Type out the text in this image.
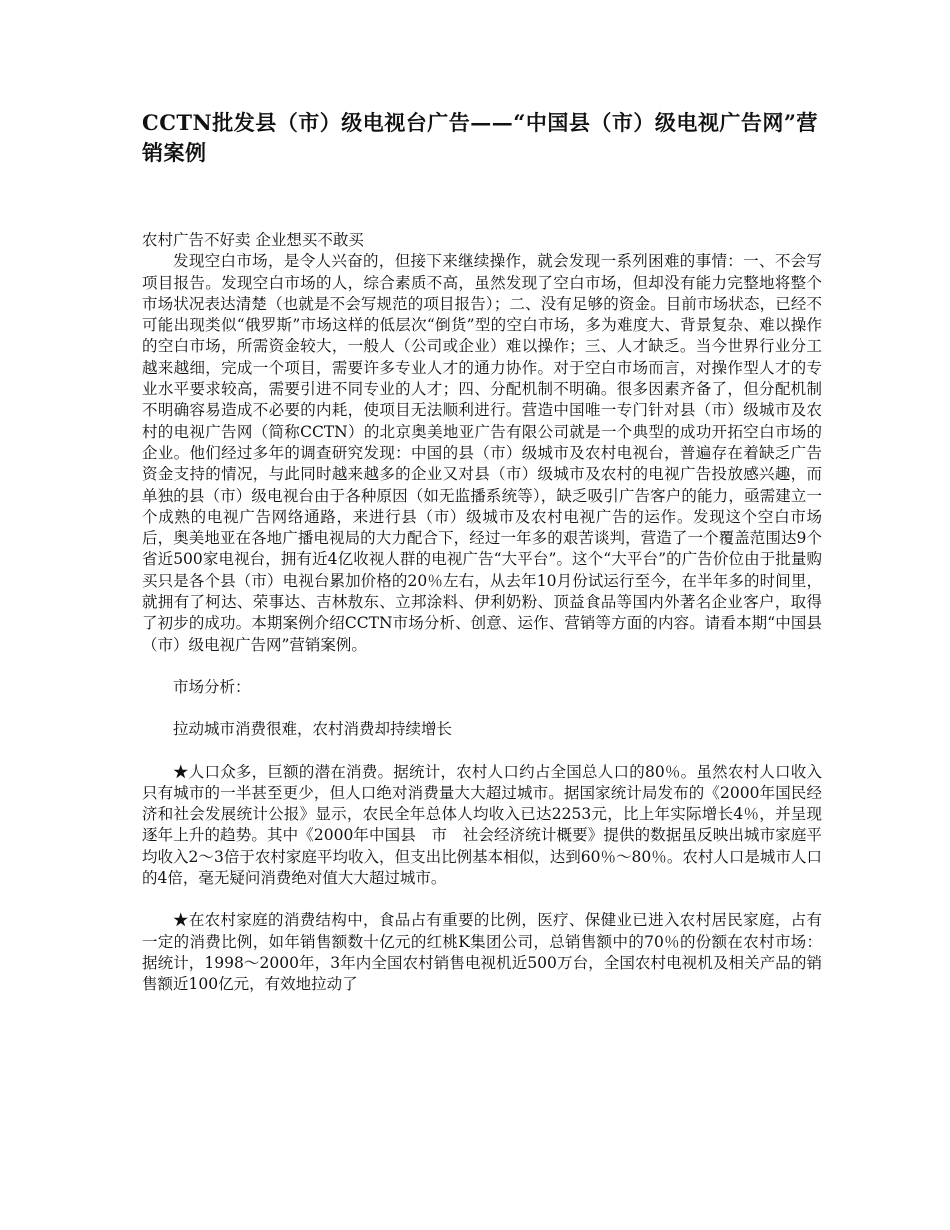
CCTN批发县（市）级电视台广告——“中国县（市）级电视广告网”营销案例

农村广告不好卖 企业想买不敢买

发现空白市场，是令人兴奋的，但接下来继续操作，就会发现一系列困难的事情：一、不会写项目报告。发现空白市场的人，综合素质不高，虽然发现了空白市场，但却没有能力完整地将整个市场状况表达清楚（也就是不会写规范的项目报告）；二、没有足够的资金。目前市场状态，已经不可能出现类似“俄罗斯”市场这样的低层次“倒货”型的空白市场，多为难度大、背景复杂、难以操作的空白市场，所需资金较大，一般人（公司或企业）难以操作；三、人才缺乏。当今世界行业分工越来越细，完成一个项目，需要许多专业人才的通力协作。对于空白市场而言，对操作型人才的专业水平要求较高，需要引进不同专业的人才；四、分配机制不明确。很多因素齐备了，但分配机制不明确容易造成不必要的内耗，使项目无法顺利进行。营造中国唯一专门针对县（市）级城市及农村的电视广告网（简称CCTN）的北京奥美地亚广告有限公司就是一个典型的成功开拓空白市场的企业。他们经过多年的调查研究发现：中国的县（市）级城市及农村电视台，普遍存在着缺乏广告资金支持的情况，与此同时越来越多的企业又对县（市）级城市及农村的电视广告投放感兴趣，而单独的县（市）级电视台由于各种原因（如无监播系统等），缺乏吸引广告客户的能力，亟需建立一个成熟的电视广告网络通路，来进行县（市）级城市及农村电视广告的运作。发现这个空白市场后，奥美地亚在各地广播电视局的大力配合下，经过一年多的艰苦谈判，营造了一个覆盖范围达9个省近500家电视台，拥有近4亿收视人群的电视广告“大平台”。这个“大平台”的广告价位由于批量购买只是各个县（市）电视台累加价格的20％左右，从去年10月份试运行至今，在半年多的时间里，就拥有了柯达、荣事达、吉林敖东、立邦涂料、伊利奶粉、顶益食品等国内外著名企业客户，取得了初步的成功。本期案例介绍CCTN市场分析、创意、运作、营销等方面的内容。请看本期“中国县（市）级电视广告网”营销案例。

市场分析：

拉动城市消费很难，农村消费却持续增长

★人口众多，巨额的潜在消费。据统计，农村人口约占全国总人口的80％。虽然农村人口收入只有城市的一半甚至更少，但人口绝对消费量大大超过城市。据国家统计局发布的《2000年国民经济和社会发展统计公报》显示，农民全年总体人均收入已达2253元，比上年实际增长4％，并呈现逐年上升的趋势。其中《2000年中国县　市　社会经济统计概要》提供的数据虽反映出城市家庭平均收入2～3倍于农村家庭平均收入，但支出比例基本相似，达到60％～80％。农村人口是城市人口的4倍，毫无疑问消费绝对值大大超过城市。

★在农村家庭的消费结构中，食品占有重要的比例，医疗、保健业已进入农村居民家庭，占有一定的消费比例，如年销售额数十亿元的红桃K集团公司，总销售额中的70％的份额在农村市场：据统计，1998～2000年，3年内全国农村销售电视机近500万台，全国农村电视机及相关产品的销售额近100亿元，有效地拉动了
